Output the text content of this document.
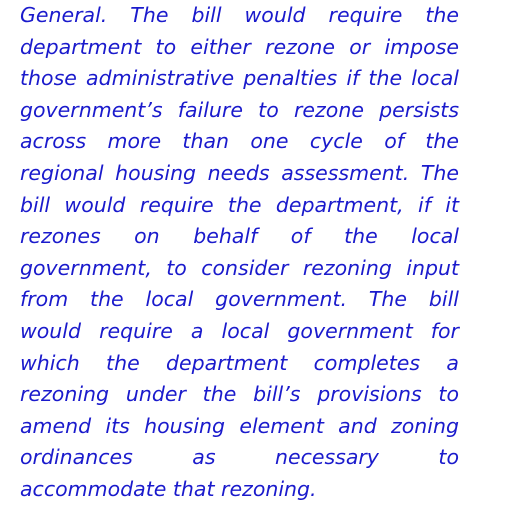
General. The bill would require the
department to either rezone or impose
those administrative penalties if the local
government’s failure to rezone persists
across more than one cycle of the
regional housing needs assessment. The
bill would require the department, if it
rezones on behalf of the local
government, to consider rezoning input
from the local government. The bill
would require a local government for
which the department completes a
rezoning under the bill’s provisions to
amend its housing element and zoning
ordinances as necessary to
accommodate that rezoning.
